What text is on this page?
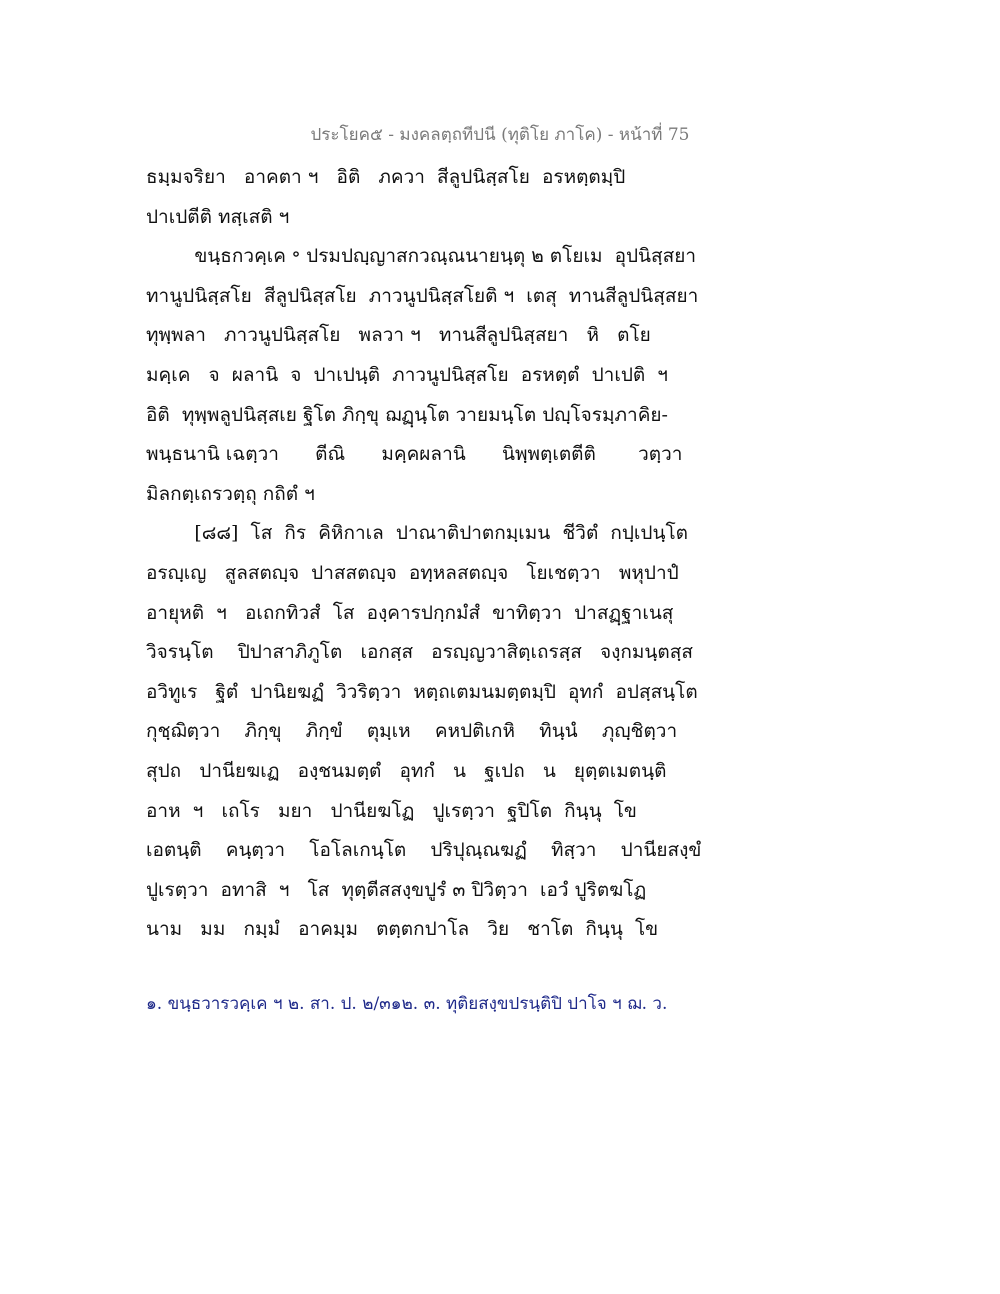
ประโยค๕ - มงคลตฺถทีปนี (ทุติโย ภาโค) - หน้าที่ 75
ธมฺมจริยา   อาคตา ฯ   อิติ   ภควา  สีลูปนิสฺสโย  อรหตฺตมฺปิ
ปาเปตีติ ทสฺเสติ ฯ
ขนฺธกวคฺเค ॰ ปรมปญฺญาสกวณฺณนายนฺตุ ๒ ตโยเม  อุปนิสฺสยา
ทานูปนิสฺสโย  สีลูปนิสฺสโย  ภาวนูปนิสฺสโยติ ฯ  เตสุ  ทานสีลูปนิสฺสยา
ทุพฺพลา   ภาวนูปนิสฺสโย   พลวา ฯ   ทานสีลูปนิสฺสยา   หิ   ตโย
มคฺเค   จ  ผลานิ  จ  ปาเปนฺติ  ภาวนูปนิสฺสโย  อรหตฺตํ  ปาเปติ  ฯ
อิติ  ทุพฺพลูปนิสฺสเย ฐิโต ภิกฺขุ ฌฏฺนฺโต วายมนฺโต ปญฺโจรมฺภาคิย-
พนฺธนานิ เฉตฺวา      ตีณิ      มคฺคผลานิ      นิพฺพตฺเตตีติ       วตฺวา
มิลกตฺเถรวตฺถุ กถิตํ ฯ
[๘๘]  โส  กิร  คิหิกาเล  ปาณาติปาตกมฺเมน  ชีวิตํ  กปฺเปนฺโต
อรญฺเญ   สูลสตญฺจ  ปาสสตญฺจ  อทฺหลสตญฺจ   โยเชตฺวา   พหุปาปํ
อายุหติ  ฯ   อเถกทิวสํ  โส  องฺคารปกฺกมํสํ  ขาทิตฺวา  ปาสฏฺฐาเนสุ
วิจรนฺโต    ปิปาสาภิภูโต   เอกสฺส   อรญฺญวาสิตฺเถรสฺส   จงฺกมนฺตสฺส
อวิทูเร   ฐิตํ  ปานิยฆฏํ  วิวริตฺวา  หตฺถเตมนมตฺตมฺปิ  อุทกํ  อปสฺสนฺโต
กุชฺฌิตฺวา    ภิกฺขุ    ภิกฺขํ    ตุมฺเห    คหปติเกหิ    ทินฺนํ    ภุญฺชิตฺวา
สุปถ   ปานียฆเฏ   องฺชนมตฺตํ   อุทกํ   น   ฐเปถ   น   ยุตฺตเมตนฺติ
อาห  ฯ   เถโร   มยา   ปานียฆโฏ   ปูเรตฺวา  ฐปิโต  กินฺนุ  โข
เอตนฺติ    คนฺตฺวา    โอโลเกนฺโต    ปริปุณฺณฆฏํ    ทิสฺวา    ปานียสงฺขํ
ปูเรตฺวา  อทาสิ  ฯ   โส  ทุตฺตีสสงฺขปูรํ ๓ ปิวิตฺวา  เอวํ ปูริตฆโฏ
นาม   มม   กมฺมํ   อาคมฺม   ตตฺตกปาโล   วิย   ชาโต  กินฺนุ  โข
๑. ขนฺธวารวคฺเค ฯ ๒. สา. ป. ๒/๓๑๒. ๓. ทุติยสงฺขปรนฺติปิ ปาโจ ฯ ฌ. ว.
